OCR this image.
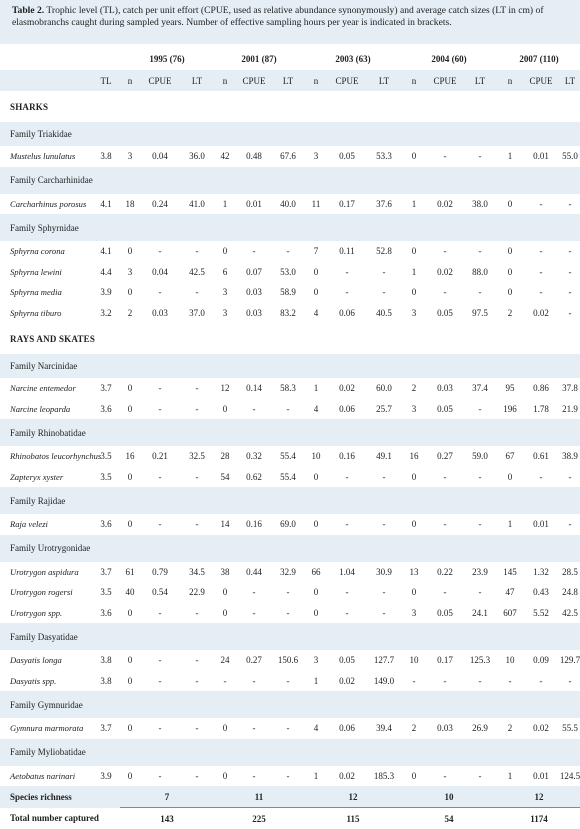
Table 2. Trophic level (TL), catch per unit effort (CPUE, used as relative abundance synonymously) and average catch sizes (LT in cm) of elasmobranchs caught during sampled years. Number of effective sampling hours per year is indicated in brackets.
		1995 (76)			2001 (87)			2003 (63)			2004 (60)			2007 (110)		
	TL	n	CPUE	LT	n	CPUE	LT	n	CPUE	LT	n	CPUE	LT	n	CPUE	LT
SHARKS																
Family Triakidae																
Mustelus lunulatus	3.8	3	0.04	36.0	42	0.48	67.6	3	0.05	53.3	0	-	-	1	0.01	55.0
Family Carcharhinidae																
Carcharhinus porosus	4.1	18	0.24	41.0	1	0.01	40.0	11	0.17	37.6	1	0.02	38.0	0	-	-
Family Sphyrnidae																
Sphyrna corona	4.1	0	-	-	0	-	-	7	0.11	52.8	0	-	-	0	-	-
Sphyrna lewini	4.4	3	0.04	42.5	6	0.07	53.0	0	-	-	1	0.02	88.0	0	-	-
Sphyrna media	3.9	0	-	-	3	0.03	58.9	0	-	-	0	-	-	0	-	-
Sphyrna tiburo	3.2	2	0.03	37.0	3	0.03	83.2	4	0.06	40.5	3	0.05	97.5	2	0.02	-
RAYS AND SKATES																
Family Narcinidae																
Narcine entemedor	3.7	0	-	-	12	0.14	58.3	1	0.02	60.0	2	0.03	37.4	95	0.86	37.8
Narcine leoparda	3.6	0	-	-	0	-	-	4	0.06	25.7	3	0.05	-	196	1.78	21.9
Family Rhinobatidae																
Rhinobatos leucorhynchus	3.5	16	0.21	32.5	28	0.32	55.4	10	0.16	49.1	16	0.27	59.0	67	0.61	38.9
Zapteryx xyster	3.5	0	-	-	54	0.62	55.4	0	-	-	0	-	-	0	-	-
Family Rajidae																
Raja velezi	3.6	0	-	-	14	0.16	69.0	0	-	-	0	-	-	1	0.01	-
Family Urotrygonidae																
Urotrygon aspidura	3.7	61	0.79	34.5	38	0.44	32.9	66	1.04	30.9	13	0.22	23.9	145	1.32	28.5
Urotrygon rogersi	3.5	40	0.54	22.9	0	-	-	0	-	-	0	-	-	47	0.43	24.8
Urotrygon spp.	3.6	0	-	-	0	-	-	0	-	-	3	0.05	24.1	607	5.52	42.5
Family Dasyatidae																
Dasyatis longa	3.8	0	-	-	24	0.27	150.6	3	0.05	127.7	10	0.17	125.3	10	0.09	129.7
Dasyatis spp.	3.8	0	-	-	-	-	-	1	0.02	149.0	-	-	-	-	-	-
Family Gymnuridae																
Gymnura marmorata	3.7	0	-	-	0	-	-	4	0.06	39.4	2	0.03	26.9	2	0.02	55.5
Family Myliobatidae																
Aetobatus narinari	3.9	0	-	-	0	-	-	1	0.02	185.3	0	-	-	1	0.01	124.5
Species richness		7			11			12			10			12		
Total number captured		143			225			115			54			1174		
